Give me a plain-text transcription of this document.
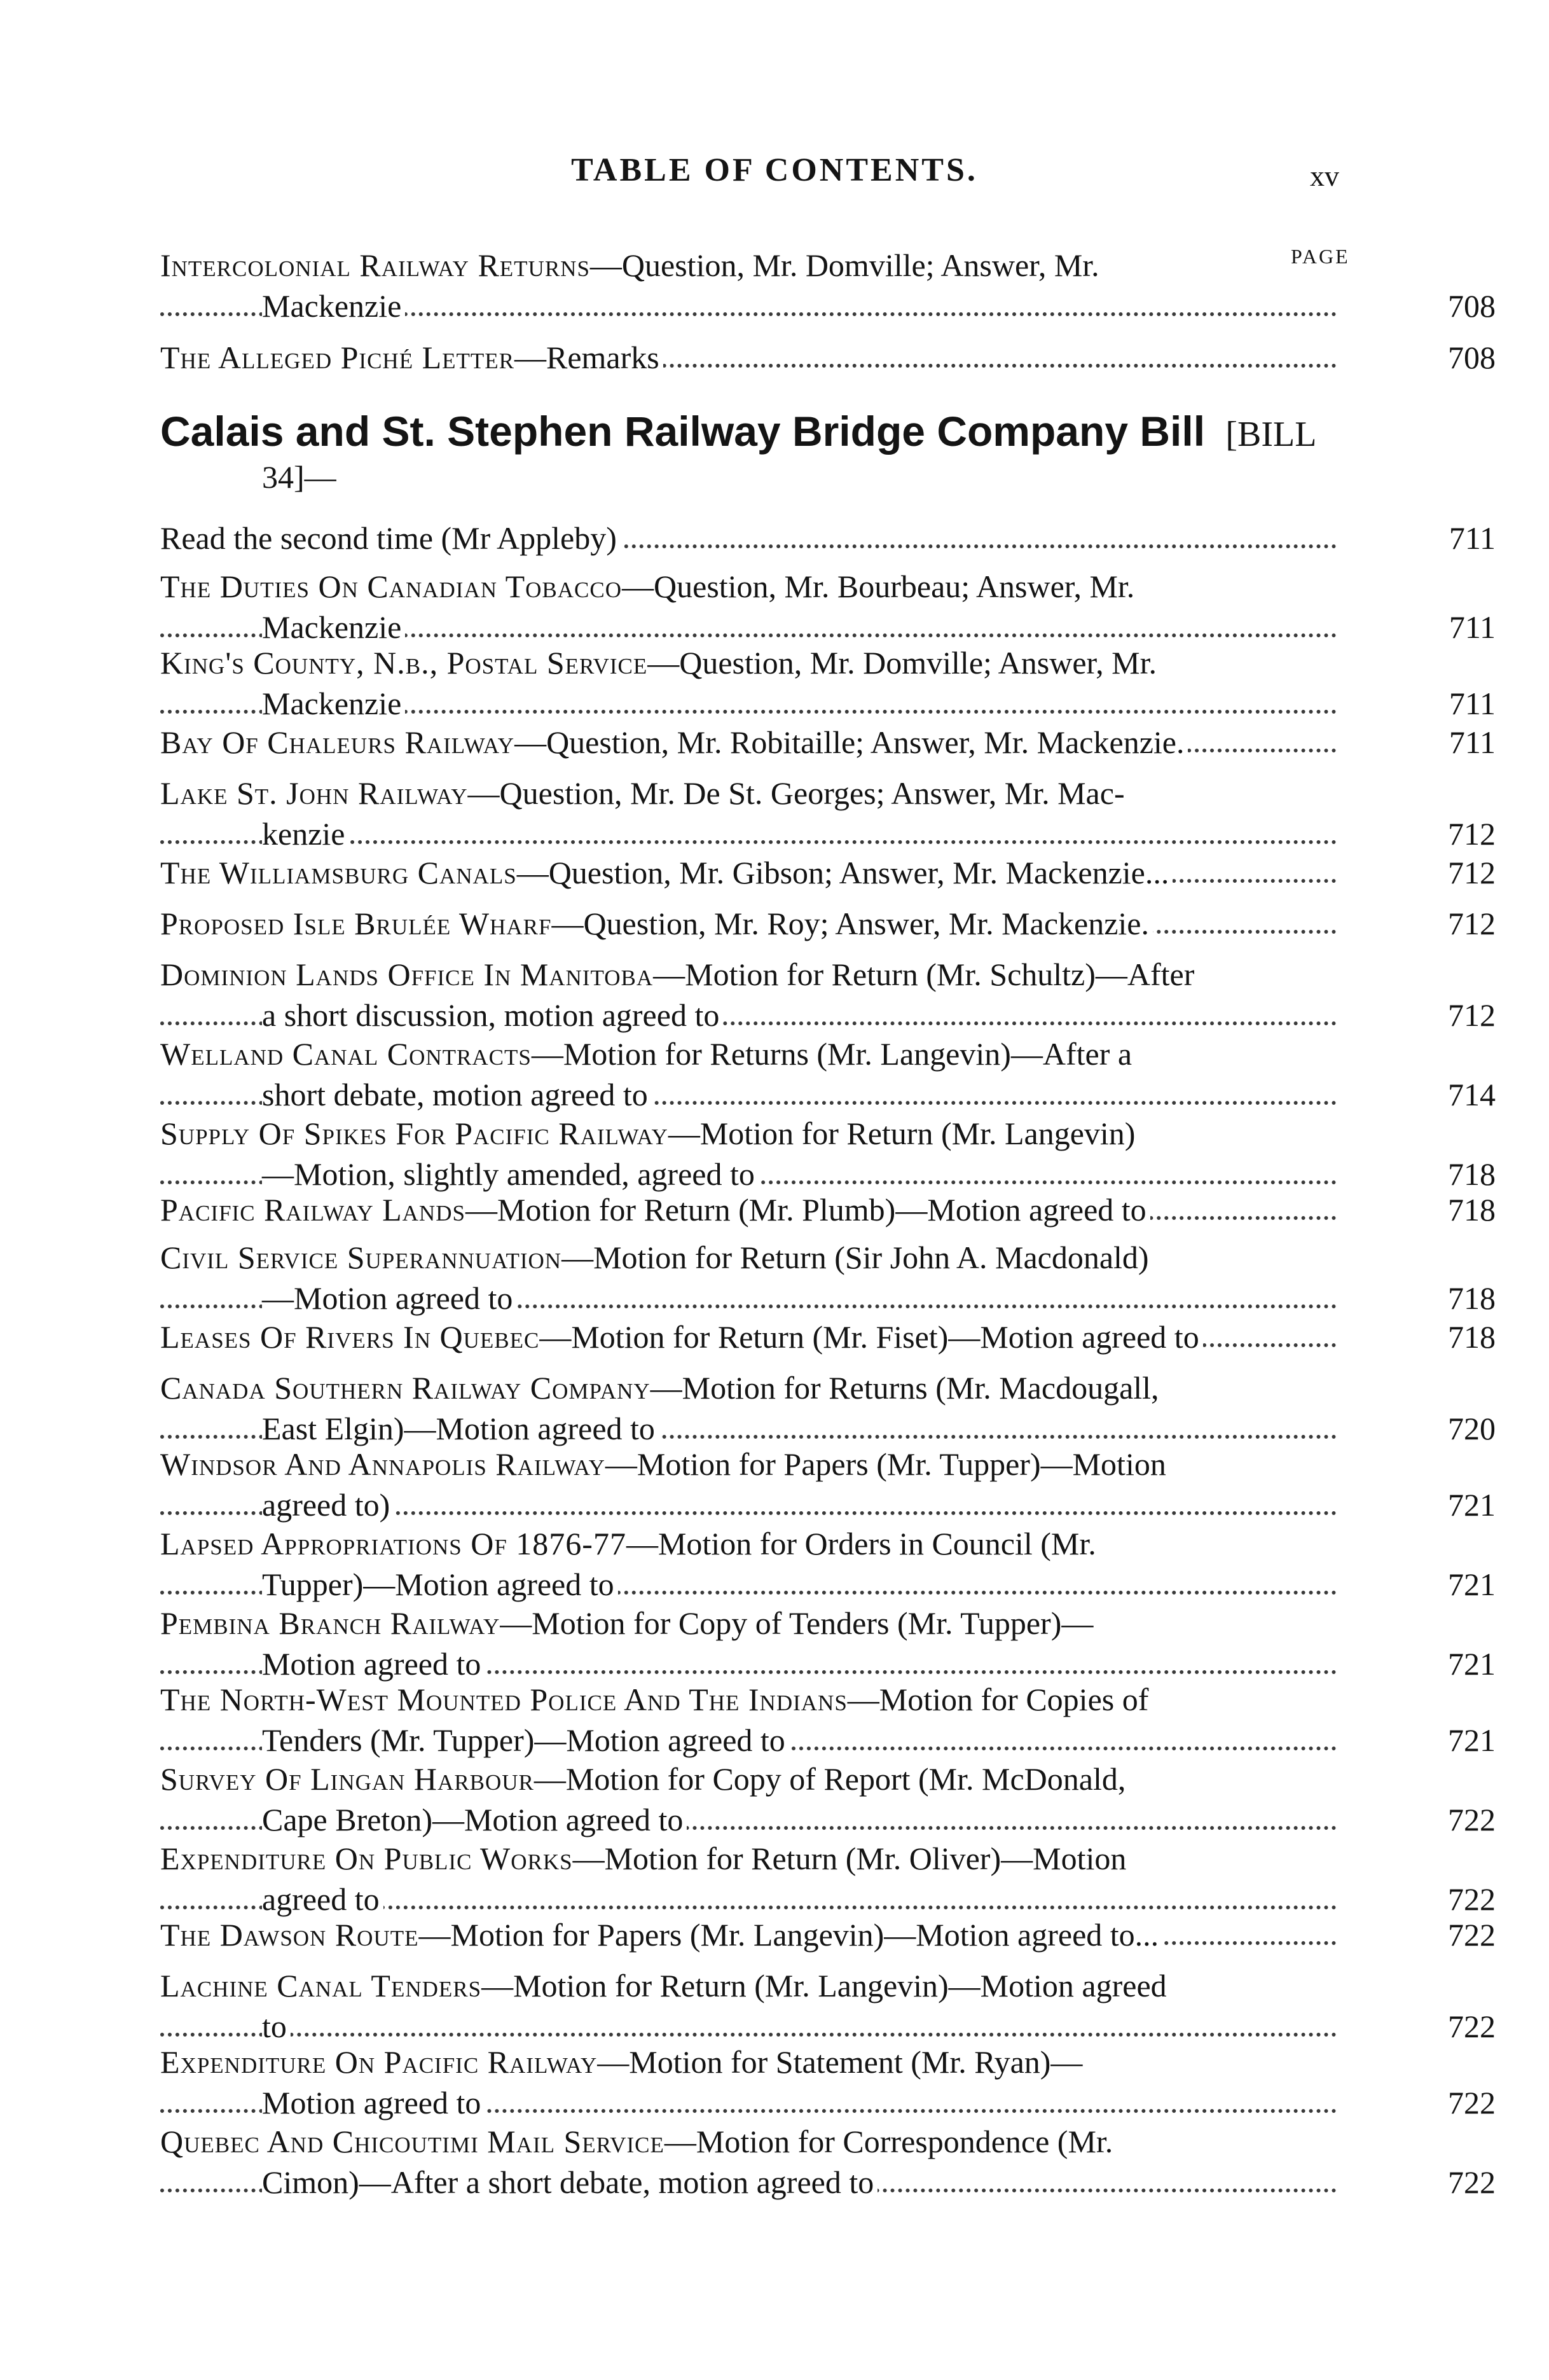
TABLE OF CONTENTS.	xv
PAGE
Calais and St. Stephen Railway Bridge Company Bill [BILL
34]—
Intercolonial Railway Returns—Question, Mr. Domville; Answer, Mr.
Mackenzie	708
The Alleged Piché Letter—Remarks	708
Read the second time (Mr Appleby)	711
The Duties On Canadian Tobacco—Question, Mr. Bourbeau; Answer, Mr.
Mackenzie	711
King's County, N.b., Postal Service—Question, Mr. Domville; Answer, Mr.
Mackenzie	711
Bay Of Chaleurs Railway—Question, Mr. Robitaille; Answer, Mr. Mackenzie.	711
Lake St. John Railway—Question, Mr. De St. Georges; Answer, Mr. Mac-
kenzie	712
The Williamsburg Canals—Question, Mr. Gibson; Answer, Mr. Mackenzie...	712
Proposed Isle Brulée Wharf—Question, Mr. Roy; Answer, Mr. Mackenzie.	712
Dominion Lands Office In Manitoba—Motion for Return (Mr. Schultz)—After
a short discussion, motion agreed to	712
Welland Canal Contracts—Motion for Returns (Mr. Langevin)—After a
short debate, motion agreed to	714
Supply Of Spikes For Pacific Railway—Motion for Return (Mr. Langevin)
—Motion, slightly amended, agreed to	718
Pacific Railway Lands—Motion for Return (Mr. Plumb)—Motion agreed to	718
Civil Service Superannuation—Motion for Return (Sir John A. Macdonald)
—Motion agreed to	718
Leases Of Rivers In Quebec—Motion for Return (Mr. Fiset)—Motion agreed to	718
Canada Southern Railway Company—Motion for Returns (Mr. Macdougall,
East Elgin)—Motion agreed to	720
Windsor And Annapolis Railway—Motion for Papers (Mr. Tupper)—Motion
agreed to)	721
Lapsed Appropriations Of 1876-77—Motion for Orders in Council (Mr.
Tupper)—Motion agreed to	721
Pembina Branch Railway—Motion for Copy of Tenders (Mr. Tupper)—
Motion agreed to	721
The North-West Mounted Police And The Indians—Motion for Copies of
Tenders (Mr. Tupper)—Motion agreed to	721
Survey Of Lingan Harbour—Motion for Copy of Report (Mr. McDonald,
Cape Breton)—Motion agreed to	722
Expenditure On Public Works—Motion for Return (Mr. Oliver)—Motion
agreed to	722
The Dawson Route—Motion for Papers (Mr. Langevin)—Motion agreed to...	722
Lachine Canal Tenders—Motion for Return (Mr. Langevin)—Motion agreed
to	722
Expenditure On Pacific Railway—Motion for Statement (Mr. Ryan)—
Motion agreed to	722
Quebec And Chicoutimi Mail Service—Motion for Correspondence (Mr.
Cimon)—After a short debate, motion agreed to	722
